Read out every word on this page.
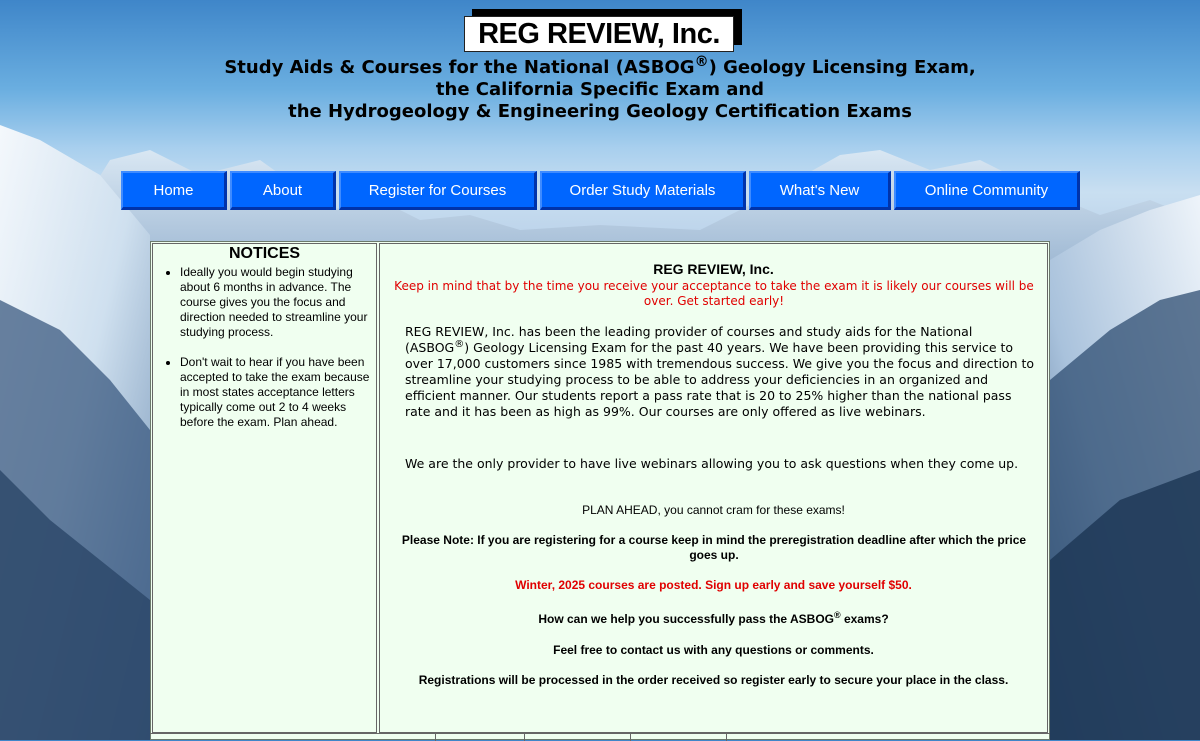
REG REVIEW, Inc.
Study Aids & Courses for the National (ASBOG®) Geology Licensing Exam,
the California Specific Exam and
the Hydrogeology & Engineering Geology Certification Exams
Home	About	Register for Courses	Order Study Materials	What's New	Online Community
NOTICES
• Ideally you would begin studying about 6 months in advance. The course gives you the focus and direction needed to streamline your studying process.
• Don't wait to hear if you have been accepted to take the exam because in most states acceptance letters typically come out 2 to 4 weeks before the exam. Plan ahead.
REG REVIEW, Inc.
Keep in mind that by the time you receive your acceptance to take the exam it is likely our courses will be over. Get started early!
REG REVIEW, Inc. has been the leading provider of courses and study aids for the National (ASBOG®) Geology Licensing Exam for the past 40 years. We have been providing this service to over 17,000 customers since 1985 with tremendous success. We give you the focus and direction to streamline your studying process to be able to address your deficiencies in an organized and efficient manner. Our students report a pass rate that is 20 to 25% higher than the national pass rate and it has been as high as 99%. Our courses are only offered as live webinars.
We are the only provider to have live webinars allowing you to ask questions when they come up.
PLAN AHEAD, you cannot cram for these exams!
Please Note: If you are registering for a course keep in mind the preregistration deadline after which the price goes up.
Winter, 2025 courses are posted. Sign up early and save yourself $50.
How can we help you successfully pass the ASBOG® exams?
Feel free to contact us with any questions or comments.
Registrations will be processed in the order received so register early to secure your place in the class.
